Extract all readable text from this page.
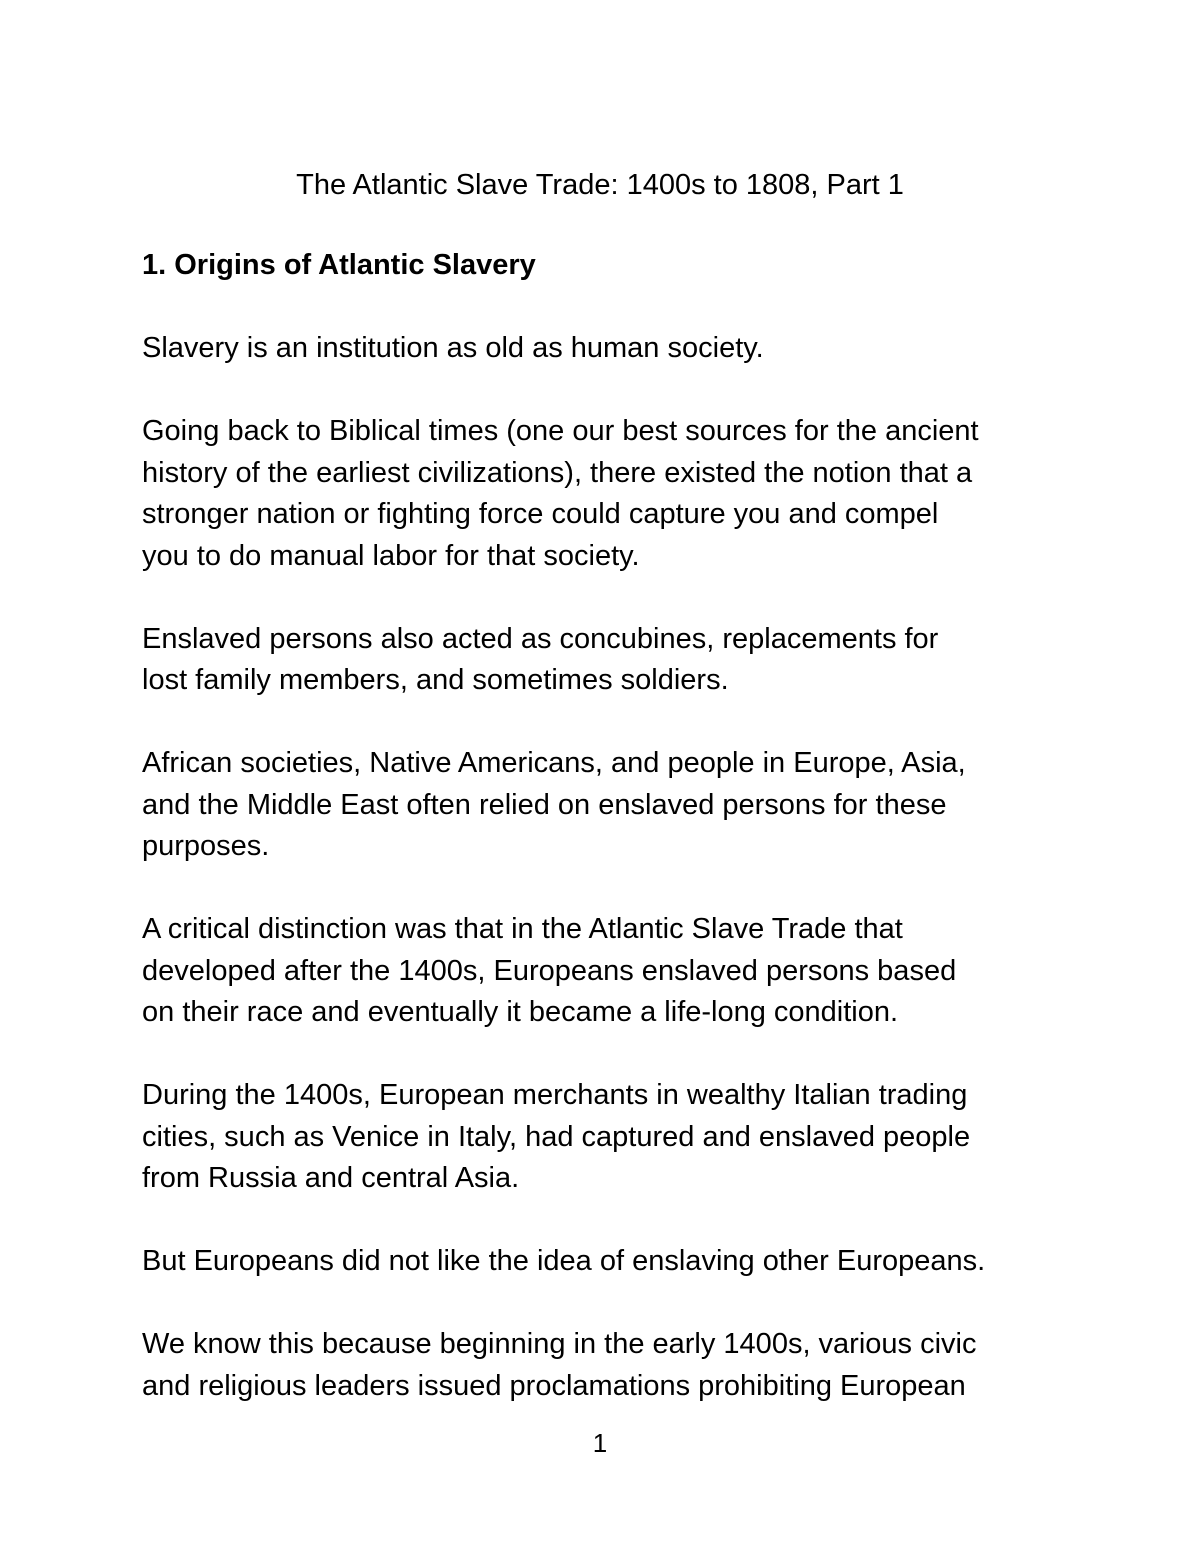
The Atlantic Slave Trade: 1400s to 1808, Part 1
1. Origins of Atlantic Slavery

Slavery is an institution as old as human society.

Going back to Biblical times (one our best sources for the ancient
history of the earliest civilizations), there existed the notion that a
stronger nation or fighting force could capture you and compel
you to do manual labor for that society.

Enslaved persons also acted as concubines, replacements for
lost family members, and sometimes soldiers.

African societies, Native Americans, and people in Europe, Asia,
and the Middle East often relied on enslaved persons for these
purposes.

A critical distinction was that in the Atlantic Slave Trade that
developed after the 1400s, Europeans enslaved persons based
on their race and eventually it became a life-long condition.

During the 1400s, European merchants in wealthy Italian trading
cities, such as Venice in Italy, had captured and enslaved people
from Russia and central Asia.

But Europeans did not like the idea of enslaving other Europeans.

We know this because beginning in the early 1400s, various civic
and religious leaders issued proclamations prohibiting European

1
